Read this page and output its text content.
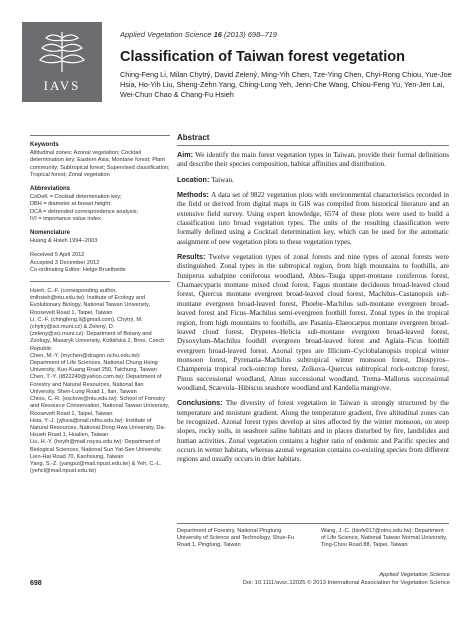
IAVS
Applied Vegetation Science 16 (2013) 698–719
Classification of Taiwan forest vegetation
Ching-Feng Li, Milan Chytrý, David Zelený, Ming-Yih Chen, Tze-Ying Chen, Chyi-Rong Chiou, Yue-Joe Hsia, Ho-Yih Liu, Sheng-Zehn Yang, Ching-Long Yeh, Jenn-Che Wang, Chiou-Feng Yu, Yen-Jen Lai, Wei-Chun Chao & Chang-Fu Hsieh
Keywords
Altitudinal zones; Azonal vegetation; Cocktail determination key; Eastern Asia; Montane forest; Plant community; Subtropical forest; Supervised classification; Tropical forest; Zonal vegetation
Abbreviations
CoDeK = Cocktail determination key;
DBH = diameter at breast height;
DCA = detrended correspondence analysis;
IVI = importance value index
Nomenclature
Huang & Hsieh 1994–2003
Received 5 April 2012
Accepted 3 December 2012
Co-ordinating Editor: Helge Bruelheide

Hsieh, C.-F. (corresponding author, imlhsieh@ntu.edu.tw): Institute of Ecology and Evolutionary Biology, National Taiwan University, Roosevelt Road 1, Taipei, Taiwan

Li, C.-F. (chingfeng.li@gmail.com), Chytrý, M. (chytry@sci.muni.cz) & Zelený, D. (zeleny@sci.muni.cz): Department of Botany and Zoology, Masaryk University, Kotlářská 2, Brno, Czech Republic

Chen, M.-Y. (mychen@dragon.nchu.edu.tw): Department of Life Sciences, National Chung Hsing University, Kuo-Kuang Road 250, Taichung, Taiwan

Chen, T.-Y. (t822249@yahoo.com.tw): Department of Forestry and Natural Resources, National Ilan University, Shen-Lung Road 1, Ilan, Taiwan

Chiou, C.-R. (esclove@ntu.edu.tw): School of Forestry and Resource Conservation, National Taiwan University, Roosevelt Road 1, Taipei, Taiwan

Hsia, Y.-J. (yjhsia@mail.ndhu.edu.tw): Institute of Natural Resources, National Dong Hwa University, Da-Hsueh Road 1, Hualien, Taiwan

Liu, H.-Y. (hoyih@mail.nsysu.edu.tw): Department of Biological Sciences, National Sun Yat-Sen University, Lien-Hai Road 70, Kaohsiung, Taiwan

Yang, S.-Z. (yangsz@mail.npust.edu.tw) & Yeh, C.-L. (yehcl@mail.npust.edu.tw)

Abstract
Aim: We identify the main forest vegetation types in Taiwan, provide their formal definitions and describe their species composition, habitat affinities and distribution.

Location: Taiwan.

Methods: A data set of 9822 vegetation plots with environmental characteristics recorded in the field or derived from digital maps in GIS was compiled from historical literature and an extensive field survey. Using expert knowledge, 6574 of these plots were used to build a classification into broad vegetation types. The units of the resulting classification were formally defined using a Cocktail determination key, which can be used for the automatic assignment of new vegetation plots to these vegetation types.

Results: Twelve vegetation types of zonal forests and nine types of azonal forests were distinguished. Zonal types in the subtropical region, from high mountains to foothills, are Juniperus subalpine coniferous woodland, Abies–Tsuga upper-montane coniferous forest, Chamaecyparis montane mixed cloud forest, Fagus montane deciduous broad-leaved cloud forest, Quercus montane evergreen broad-leaved cloud forest, Machilus–Castanopsis sub-montane evergreen broad-leaved forest, Phoebe–Machilus sub-montane evergreen broad-leaved forest and Ficus–Machilus semi-evergreen foothill forest. Zonal types in the tropical region, from high mountains to foothills, are Pasania–Elaeocarpus montane evergreen broad-leaved cloud forest, Drypetes–Helicia sub-montane evergreen broad-leaved forest, Dysoxylum–Machilus foothill evergreen broad-leaved forest and Aglaia–Ficus foothill evergreen broad-leaved forest. Azonal types are Illicium–Cyclobalanopsis tropical winter monsoon forest, Pyrenaria–Machilus subtropical winter monsoon forest, Diospyros–Champereia tropical rock-outcrop forest, Zelkova–Quercus subtropical rock-outcrop forest, Pinus successional woodland, Alnus successional woodland, Trema–Mallotus successional woodland, Scaevola–Hibiscus seashore woodland and Kandelia mangrove.

Conclusions: The diversity of forest vegetation in Taiwan is strongly structured by the temperature and moisture gradient. Along the temperature gradient, five altitudinal zones can be recognized. Azonal forest types develop at sites affected by the winter monsoon, on steep slopes, rocky soils, in seashore saline habitats and in places disturbed by fire, landslides and human activities. Zonal vegetation contains a higher ratio of endemic and Pacific species and occurs in wetter habitats, whereas azonal vegetation contains co-existing species from different regions and usually occurs in drier habitats.

Department of Forestry, National Pingtung University of Science and Technology, Shue-Fu Road 1, Pingtung, Taiwan
Wang, J.-C. (biofv017@ntnu.edu.tw): Department of Life Science, National Taiwan Normal University, Ting-Chou Road 88, Taipei, Taiwan
698
Applied Vegetation Science
Doi: 10.1111/avsc.12025 © 2013 International Association for Vegetation Science
